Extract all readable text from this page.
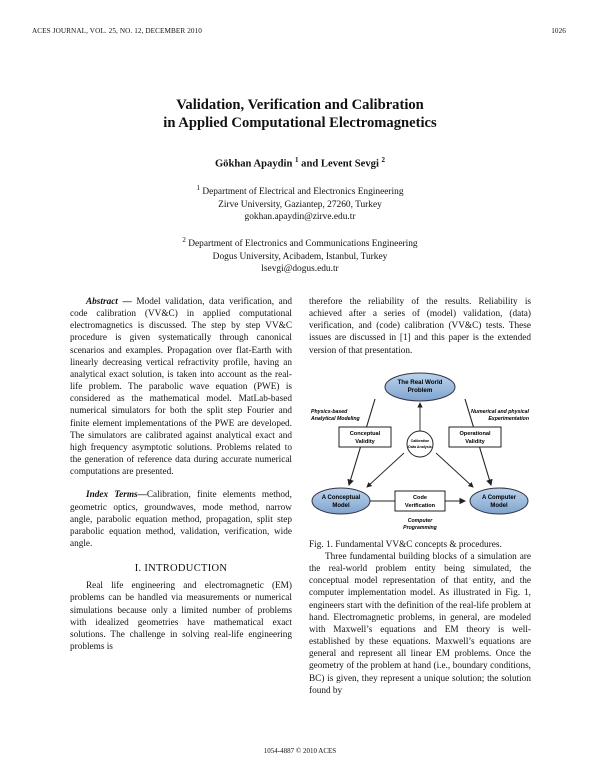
ACES JOURNAL, VOL. 25, NO. 12, DECEMBER 2010	1026
Validation, Verification and Calibration
in Applied Computational Electromagnetics
Gökhan Apaydin $^1$ and Levent Sevgi $^2$
$^1$ Department of Electrical and Electronics Engineering
Zirve University, Gaziantep, 27260, Turkey
gokhan.apaydin@zirve.edu.tr
$^2$ Department of Electronics and Communications Engineering
Dogus University, Acibadem, Istanbul, Turkey
lsevgi@dogus.edu.tr

Abstract — Model validation, data verification, and code calibration (VV&C) in applied computational electromagnetics is discussed. The step by step VV&C procedure is given systematically through canonical scenarios and examples. Propagation over flat-Earth with linearly decreasing vertical refractivity profile, having an analytical exact solution, is taken into account as the real-life problem. The parabolic wave equation (PWE) is considered as the mathematical model. MatLab-based numerical simulators for both the split step Fourier and finite element implementations of the PWE are developed. The simulators are calibrated against analytical exact and high frequency asymptotic solutions. Problems related to the generation of reference data during accurate numerical computations are presented.

Index Terms—Calibration, finite elements method, geometric optics, groundwaves, mode method, narrow angle, parabolic equation method, propagation, split step parabolic equation method, validation, verification, wide angle.

I. INTRODUCTION

Real life engineering and electromagnetic (EM) problems can be handled via measurements or numerical simulations because only a limited number of problems with idealized geometries have mathematical exact solutions. The challenge in solving real-life engineering problems is

therefore the reliability of the results. Reliability is achieved after a series of (model) validation, (data) verification, and (code) calibration (VV&C) tests. These issues are discussed in [1] and this paper is the extended version of that presentation.

The Real World
Problem
A Conceptual
Model
A Computer
Model
Calibration
Data Analysis
Conceptual
Validity
Operational
Validity
Code
Verification
Physics-based
Analytical Modeling
Numerical and physical
Experimentation
Computer
Programming

Fig. 1. Fundamental VV&C concepts & procedures.

Three fundamental building blocks of a simulation are the real-world problem entity being simulated, the conceptual model representation of that entity, and the computer implementation model. As illustrated in Fig. 1, engineers start with the definition of the real-life problem at hand. Electromagnetic problems, in general, are modeled with Maxwell’s equations and EM theory is well-established by these equations. Maxwell’s equations are general and represent all linear EM problems. Once the geometry of the problem at hand (i.e., boundary conditions, BC) is given, they represent a unique solution; the solution found by

1054-4887 © 2010 ACES
